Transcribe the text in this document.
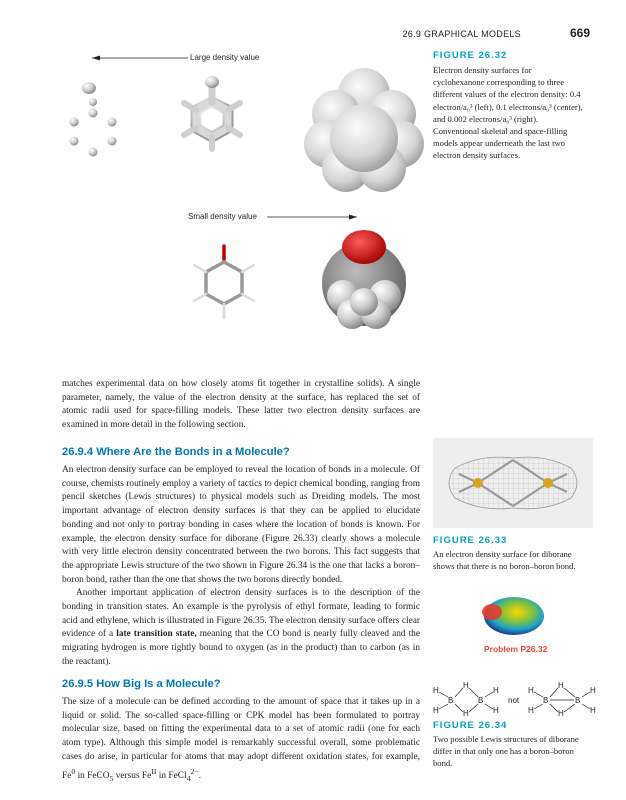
26.9 GRAPHICAL MODELS	669
Large density value
Small density value
FIGURE 26.32
Electron density surfaces for cyclohexanone corresponding to three different values of the electron density: 0.4 electron/a₀³ (left), 0.1 electrons/a₀³ (center), and 0.002 electrons/a₀³ (right). Conventional skeletal and space-filling models appear underneath the last two electron density surfaces.

matches experimental data on how closely atoms fit together in crystalline solids). A single parameter, namely, the value of the electron density at the surface, has replaced the set of atomic radii used for space-filling models. These latter two electron density surfaces are examined in more detail in the following section.

26.9.4 Where Are the Bonds in a Molecule?

An electron density surface can be employed to reveal the location of bonds in a molecule. Of course, chemists routinely employ a variety of tactics to depict chemical bonding, ranging from pencil sketches (Lewis structures) to physical models such as Dreiding models. The most important advantage of electron density surfaces is that they can be applied to elucidate bonding and not only to portray bonding in cases where the location of bonds is known. For example, the electron density surface for diborane (Figure 26.33) clearly shows a molecule with very little electron density concentrated between the two borons. This fact suggests that the appropriate Lewis structure of the two shown in Figure 26.34 is the one that lacks a boron–boron bond, rather than the one that shows the two borons directly bonded.

Another important application of electron density surfaces is to the description of the bonding in transition states. An example is the pyrolysis of ethyl formate, leading to formic acid and ethylene, which is illustrated in Figure 26.35. The electron density surface offers clear evidence of a late transition state, meaning that the CO bond is nearly fully cleaved and the migrating hydrogen is more tightly bound to oxygen (as in the product) than to carbon (as in the reactant).

26.9.5 How Big Is a Molecule?

The size of a molecule can be defined according to the amount of space that it takes up in a liquid or solid. The so-called space-filling or CPK model has been formulated to portray molecular size, based on fitting the experimental data to a set of atomic radii (one for each atom type). Although this simple model is remarkably successful overall, some problematic cases do arise, in particular for atoms that may adopt different oxidation states, for example, Fe$^0$ in FeCO$_5$ versus $Fe^{II}$ in FeCl$_4^{2-}$.

FIGURE 26.33
An electron density surface for diborane shows that there is no boron–boron bond.
Problem P26.32
H
H
B
H
H
B
H
H
not
H
H
B
H
H
B
H
H
FIGURE 26.34
Two possible Lewis structures of diborane differ in that only one has a boron–boron bond.
